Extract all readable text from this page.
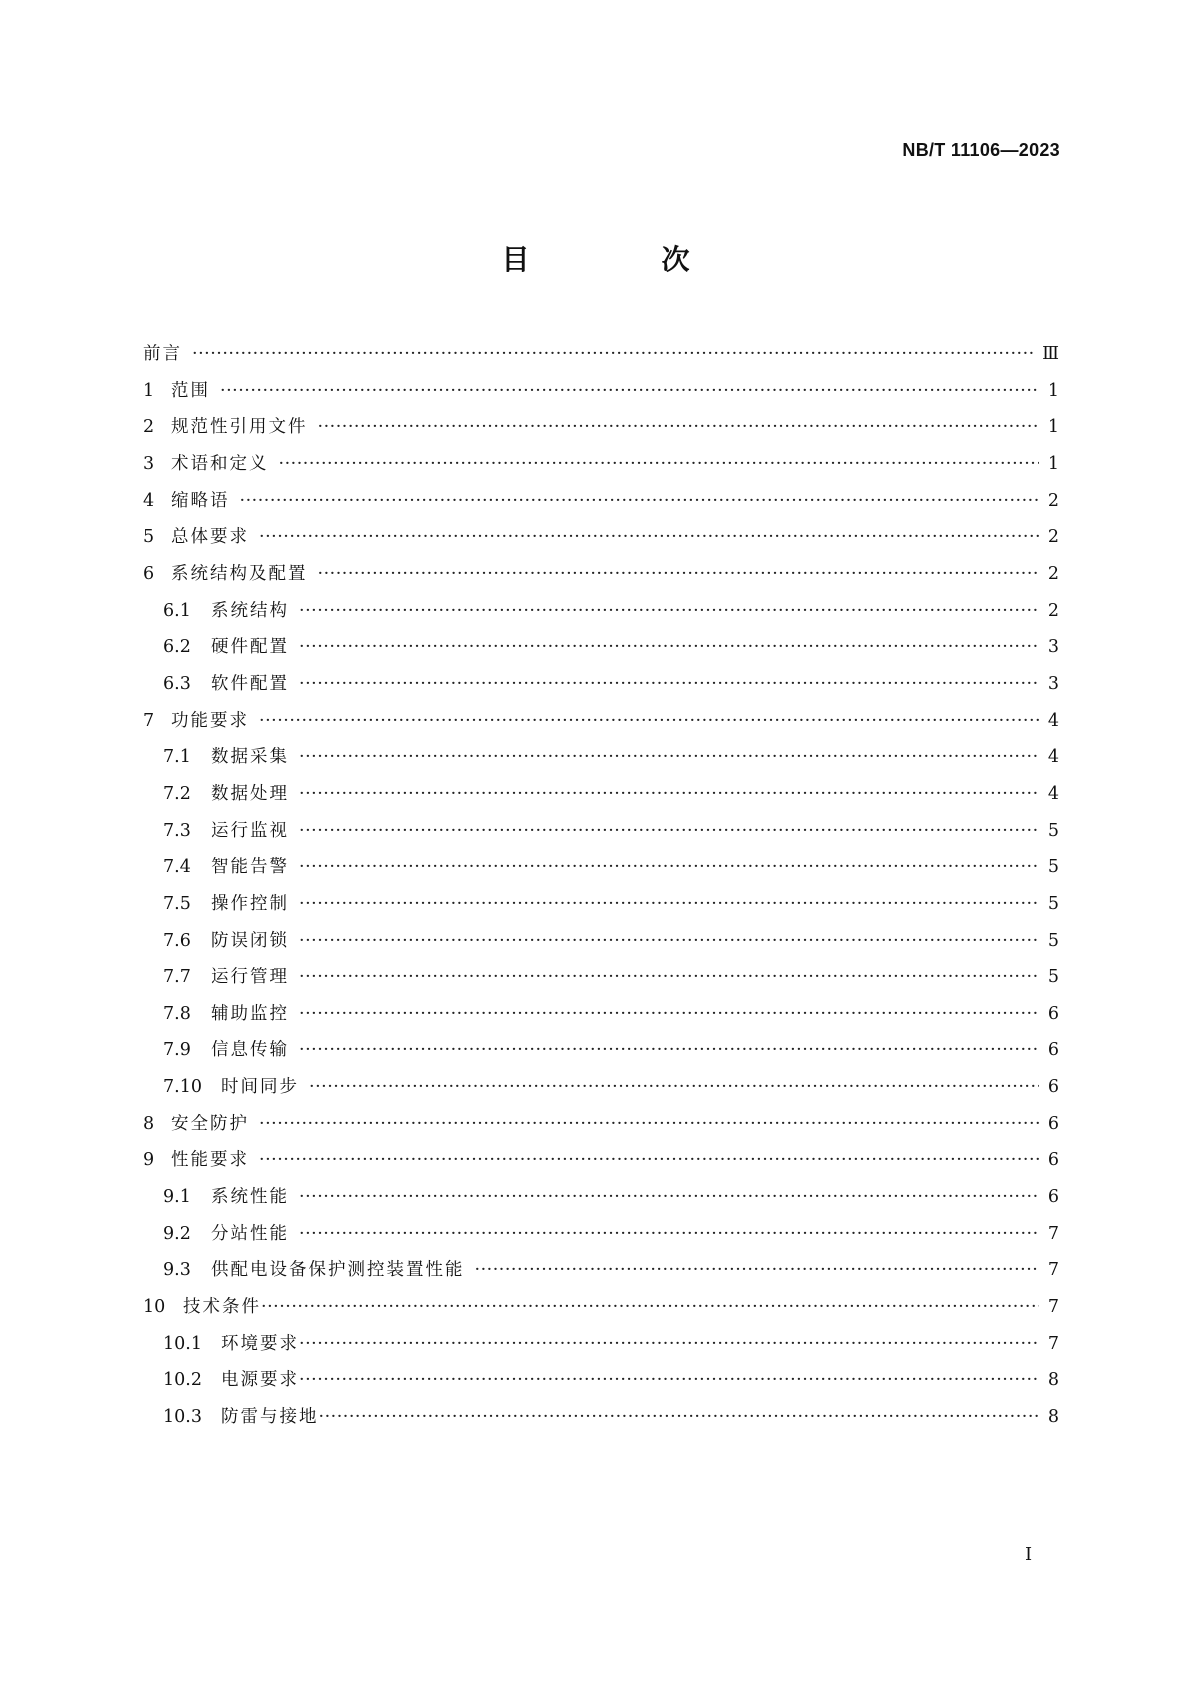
NB/T 11106—2023
目　次
前言 ·····	Ⅲ
1 范围 ·····	1
2 规范性引用文件 ·····	1
3 术语和定义 ·····	1
4 缩略语 ·····	2
5 总体要求 ·····	2
6 系统结构及配置 ·····	2
6.1	系统结构 ·····	2
6.2	硬件配置 ·····	3
6.3	软件配置 ·····	3
7 功能要求 ·····	4
7.1	数据采集 ·····	4
7.2	数据处理 ·····	4
7.3	运行监视 ·····	5
7.4	智能告警 ·····	5
7.5	操作控制 ·····	5
7.6	防误闭锁 ·····	5
7.7	运行管理 ·····	5
7.8	辅助监控 ·····	6
7.9	信息传输 ·····	6
7.10	时间同步 ·····	6
8 安全防护 ·····	6
9 性能要求 ·····	6
9.1	系统性能 ·····	6
9.2	分站性能 ·····	7
9.3	供配电设备保护测控装置性能 ·····	7
10	技术条件 ·····	7
10.1	环境要求 ·····	7
10.2	电源要求 ·····	8
10.3	防雷与接地 ·····	8
I
